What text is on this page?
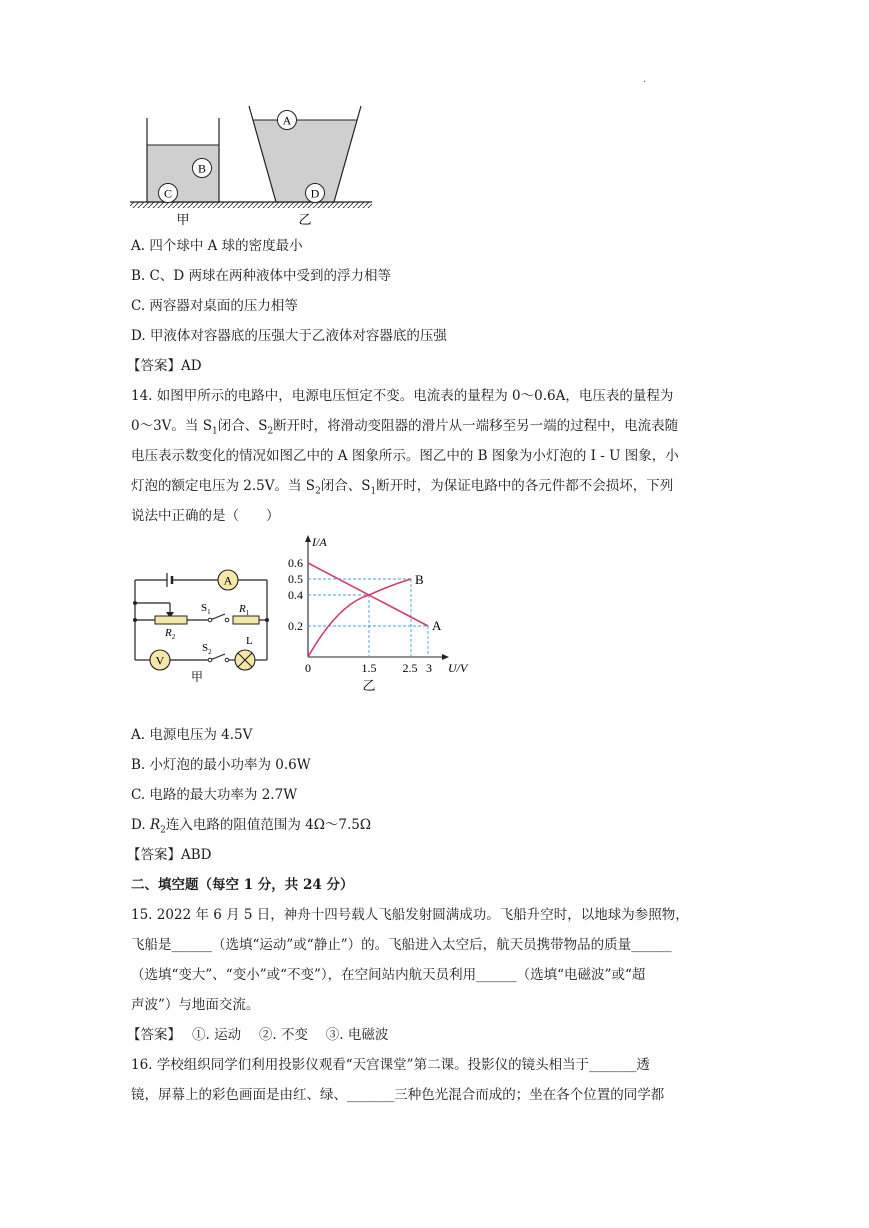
.
A
B
C	D
甲	乙
A. 四个球中 A 球的密度最小
B. C、D 两球在两种液体中受到的浮力相等
C. 两容器对桌面的压力相等
D. 甲液体对容器底的压强大于乙液体对容器底的压强
【答案】AD
14. 如图甲所示的电路中，电源电压恒定不变。电流表的量程为 0～0.6A，电压表的量程为
0～3V。当 $S_1$闭合、$S_2$断开时，将滑动变阻器的滑片从一端移至另一端的过程中，电流表随
电压表示数变化的情况如图乙中的 A 图象所示。图乙中的 B 图象为小灯泡的 I - U 图象，小
灯泡的额定电压为 2.5V。当 $S_2$闭合、$S_1$断开时，为保证电路中的各元件都不会损坏，下列
说法中正确的是（　　）
A
V
$S_1$	$R_1$
$R_2$
$S_2$
L
甲
I/A
U/V
0.6
0.5
0.4
0.2
0	1.5 2.5 3
B
A
乙
A. 电源电压为 4.5V
B. 小灯泡的最小功率为 0.6W
C. 电路的最大功率为 2.7W
D. $R_2$连入电路的阻值范围为 4Ω～7.5Ω
【答案】ABD
二、填空题（每空 1 分，共 24 分）
15. 2022 年 6 月 5 日，神舟十四号载人飞船发射圆满成功。飞船升空时，以地球为参照物，
飞船是______（选填“运动”或“静止”）的。飞船进入太空后，航天员携带物品的质量______
（选填“变大”、“变小”或“不变”），在空间站内航天员利用______（选填“电磁波”或“超
声波”）与地面交流。
【答案】　 ①. 运动　 ②. 不变　 ③. 电磁波
16. 学校组织同学们利用投影仪观看“天宫课堂”第二课。投影仪的镜头相当于_______透
镜，屏幕上的彩色画面是由红、绿、_______三种色光混合而成的；坐在各个位置的同学都
